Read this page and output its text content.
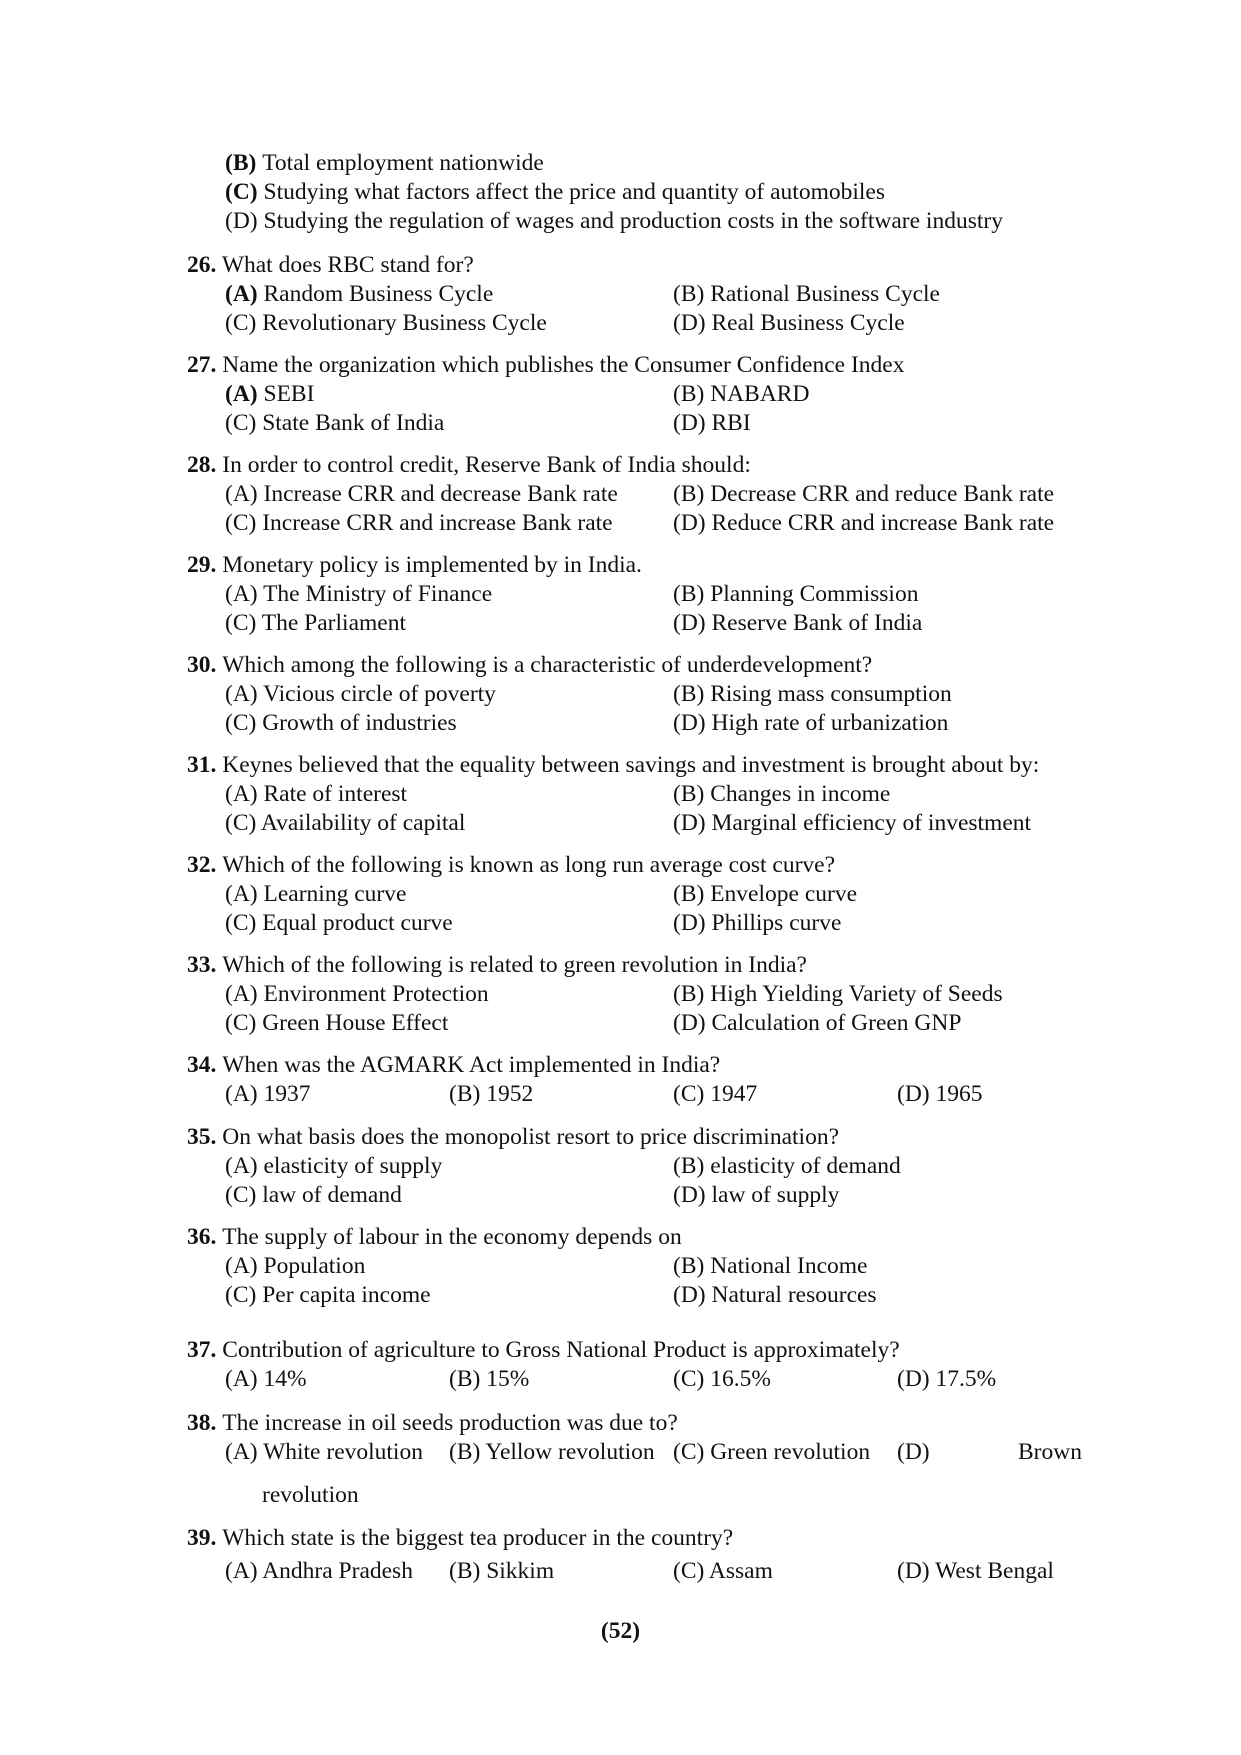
(B) Total employment nationwide
(C) Studying what factors affect the price and quantity of automobiles
(D) Studying the regulation of wages and production costs in the software industry
26. What does RBC stand for?
(A) Random Business Cycle	(B) Rational Business Cycle
(C) Revolutionary Business Cycle	(D) Real Business Cycle
27. Name the organization which publishes the Consumer Confidence Index
(A) SEBI	(B) NABARD
(C) State Bank of India	(D) RBI
28. In order to control credit, Reserve Bank of India should:
(A) Increase CRR and decrease Bank rate (B) Decrease CRR and reduce Bank rate
(C) Increase CRR and increase Bank rate	(D) Reduce CRR and increase Bank rate
29. Monetary policy is implemented by in India.
(A) The Ministry of Finance	(B) Planning Commission
(C) The Parliament	(D) Reserve Bank of India
30. Which among the following is a characteristic of underdevelopment?
(A) Vicious circle of poverty	(B) Rising mass consumption
(C) Growth of industries	(D) High rate of urbanization
31. Keynes believed that the equality between savings and investment is brought about by:
(A) Rate of interest	(B) Changes in income
(C) Availability of capital	(D) Marginal efficiency of investment
32. Which of the following is known as long run average cost curve?
(A) Learning curve	(B) Envelope curve
(C) Equal product curve	(D) Phillips curve
33. Which of the following is related to green revolution in India?
(A) Environment Protection	(B) High Yielding Variety of Seeds
(C) Green House Effect	(D) Calculation of Green GNP
34. When was the AGMARK Act implemented in India?
(A) 1937	(B) 1952	(C) 1947	(D) 1965
35. On what basis does the monopolist resort to price discrimination?
(A) elasticity of supply	(B) elasticity of demand
(C) law of demand	(D) law of supply
36. The supply of labour in the economy depends on
(A) Population	(B) National Income
(C) Per capita income	(D) Natural resources
37. Contribution of agriculture to Gross National Product is approximately?
(A) 14%	(B) 15%	(C) 16.5%	(D) 17.5%
38. The increase in oil seeds production was due to?
(A) White revolution (B) Yellow revolution (C) Green revolution (D)	Brown
revolution
39. Which state is the biggest tea producer in the country?
(A) Andhra Pradesh (B) Sikkim	(C) Assam	(D) West Bengal
(52)
